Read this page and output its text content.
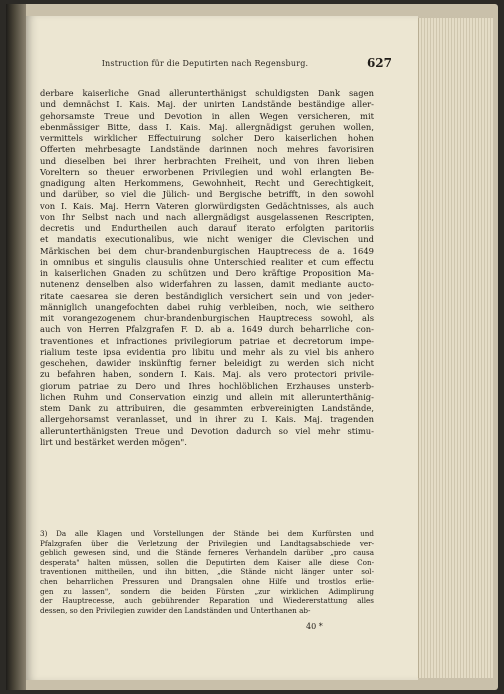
Instruction für die Deputirten nach Regensburg.	627
derbare kaiserliche Gnad allerunterthänigst schuldigsten Dank sagen
und demnächst I. Kais. Maj. der unirten Landstände beständige aller-
gehorsamste Treue und Devotion in allen Wegen versicheren, mit
ebenmässiger Bitte, dass I. Kais. Maj. allergnädigst geruhen wollen,
vermittels wirklicher Effectuirung solcher Dero kaiserlichen hohen
Offerten mehrbesagte Landstände darinnen noch mehres favorisiren
und dieselben bei ihrer herbrachten Freiheit, und von ihren lieben
Voreltern so theuer erworbenen Privilegien und wohl erlangten Be-
gnadigung alten Herkommens, Gewohnheit, Recht und Gerechtigkeit,
und darüber, so viel die Jülich- und Bergische betrifft, in den sowohl
von I. Kais. Maj. Herrn Vateren glorwürdigsten Gedächtnisses, als auch
von Ihr Selbst nach und nach allergnädigst ausgelassenen Rescripten,
decretis und Endurtheilen auch darauf iterato erfolgten paritoriis
et mandatis executionalibus, wie nicht weniger die Clevischen und
Märkischen bei dem chur-brandenburgischen Hauptrecess de a. 1649
in omnibus et singulis clausulis ohne Unterschied realiter et cum effectu
in kaiserlichen Gnaden zu schützen und Dero kräftige Proposition Ma-
nutenenz denselben also widerfahren zu lassen, damit mediante aucto-
ritate caesarea sie deren beständiglich versichert sein und von jeder-
männiglich unangefochten dabei ruhig verbleiben, noch, wie seithero
mit vorangezogenem chur-brandenburgischen Hauptrecess sowohl, als
auch von Herren Pfalzgrafen F. D. ab a. 1649 durch beharrliche con-
traventiones et infractiones privilegiorum patriae et decretorum impe-
rialium teste ipsa evidentia pro libitu und mehr als zu viel bis anhero
geschehen, dawider inskünftig ferner beleidigt zu werden sich nicht
zu befahren haben, sondern I. Kais. Maj. als vero protectori privile-
giorum patriae zu Dero und Ihres hochlöblichen Erzhauses unsterb-
lichen Ruhm und Conservation einzig und allein mit allerunterthänig-
stem Dank zu attribuiren, die gesammten erbvereinigten Landstände,
allergehorsamst veranlasset, und in ihrer zu I. Kais. Maj. tragenden
allerunterthänigsten Treue und Devotion dadurch so viel mehr stimu-
lirt und bestärket werden mögen".
3) Da alle Klagen und Vorstellungen der Stände bei dem Kurfürsten und
Pfalzgrafen über die Verletzung der Privilegien und Landtagsabschiede ver-
geblich gewesen sind, und die Stände ferneres Verhandeln darüber „pro causa
desperata" halten müssen, sollen die Deputirten dem Kaiser alle diese Con-
traventionen mittheilen, und ihn bitten, „die Stände nicht länger unter sol-
chen beharrlichen Pressuren und Drangsalen ohne Hilfe und trostlos erlie-
gen zu lassen", sondern die beiden Fürsten „zur wirklichen Adimplirung
der Hauptrecesse, auch gebührender Reparation und Wiedererstattung alles
dessen, so den Privilegien zuwider den Landständen und Unterthanen ab-
40 *
